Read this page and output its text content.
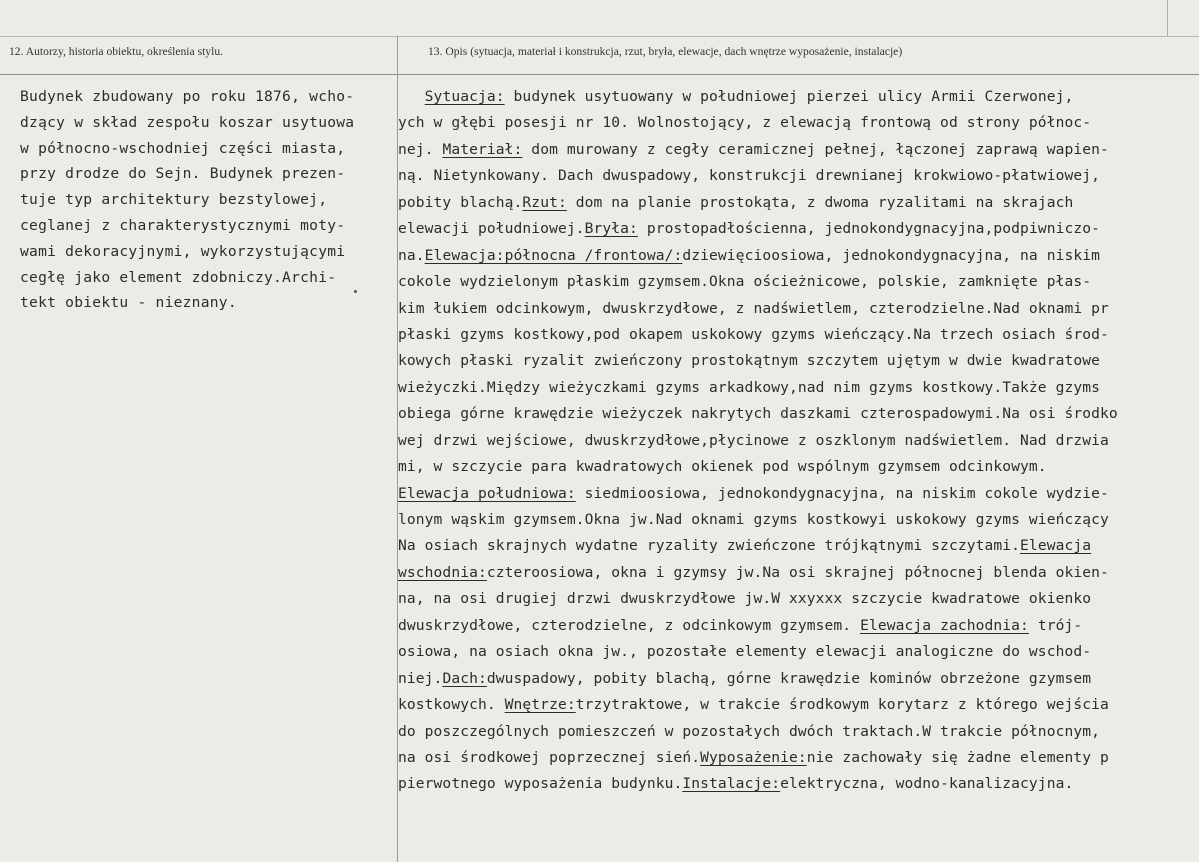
12. Autorzy, historia obiektu, określenia stylu.	13. Opis (sytuacja, materiał i konstrukcja, rzut, bryła, elewacje, dach wnętrze wyposażenie, instalacje)
Budynek zbudowany po roku 1876, wcho-
dzący w skład zespołu koszar usytuowa
w północno-wschodniej części miasta,
przy drodze do Sejn. Budynek prezen-
tuje typ architektury bezstylowej,
ceglanej z charakterystycznymi moty-
wami dekoracyjnymi, wykorzystującymi
cegłę jako element zdobniczy.Archi-
tekt obiektu - nieznany.
Sytuacja: budynek usytuowany w południowej pierzei ulicy Armii Czerwonej,
ych w głębi posesji nr 10. Wolnostojący, z elewacją frontową od strony północ-
nej. Materiał: dom murowany z cegły ceramicznej pełnej, łączonej zaprawą wapien-
ną. Nietynkowany. Dach dwuspadowy, konstrukcji drewnianej krokwiowo-płatwiowej,
pobity blachą.Rzut: dom na planie prostokąta, z dwoma ryzalitami na skrajach
elewacji południowej.Bryła: prostopadłościenna, jednokondygnacyjna,podpiwniczo-
na.Elewacja:północna /frontowa/:dziewięcioosiowa, jednokondygnacyjna, na niskim
cokole wydzielonym płaskim gzymsem.Okna ościeżnicowe, polskie, zamknięte płas-
kim łukiem odcinkowym, dwuskrzydłowe, z nadświetlem, czterodzielne.Nad oknami pr
płaski gzyms kostkowy,pod okapem uskokowy gzyms wieńczący.Na trzech osiach środ-
kowych płaski ryzalit zwieńczony prostokątnym szczytem ujętym w dwie kwadratowe
wieżyczki.Między wieżyczkami gzyms arkadkowy,nad nim gzyms kostkowy.Także gzyms
obiega górne krawędzie wieżyczek nakrytych daszkami czterospadowymi.Na osi środko
wej drzwi wejściowe, dwuskrzydłowe,płycinowe z oszklonym nadświetlem. Nad drzwia
mi, w szczycie para kwadratowych okienek pod wspólnym gzymsem odcinkowym.
Elewacja południowa: siedmioosiowa, jednokondygnacyjna, na niskim cokole wydzie-
lonym wąskim gzymsem.Okna jw.Nad oknami gzyms kostkowyi uskokowy gzyms wieńczący
Na osiach skrajnych wydatne ryzality zwieńczone trójkątnymi szczytami.Elewacja
wschodnia:czteroosiowa, okna i gzymsy jw.Na osi skrajnej północnej blenda okien-
na, na osi drugiej drzwi dwuskrzydłowe jw.W xxyxxx szczycie kwadratowe okienko
dwuskrzydłowe, czterodzielne, z odcinkowym gzymsem. Elewacja zachodnia: trój-
osiowa, na osiach okna jw., pozostałe elementy elewacji analogiczne do wschod-
niej.Dach:dwuspadowy, pobity blachą, górne krawędzie kominów obrzeżone gzymsem
kostkowych. Wnętrze:trzytraktowe, w trakcie środkowym korytarz z którego wejścia
do poszczególnych pomieszczeń w pozostałych dwóch traktach.W trakcie północnym,
na osi środkowej poprzecznej sień.Wyposażenie:nie zachowały się żadne elementy p
pierwotnego wyposażenia budynku.Instalacje:elektryczna, wodno-kanalizacyjna.
